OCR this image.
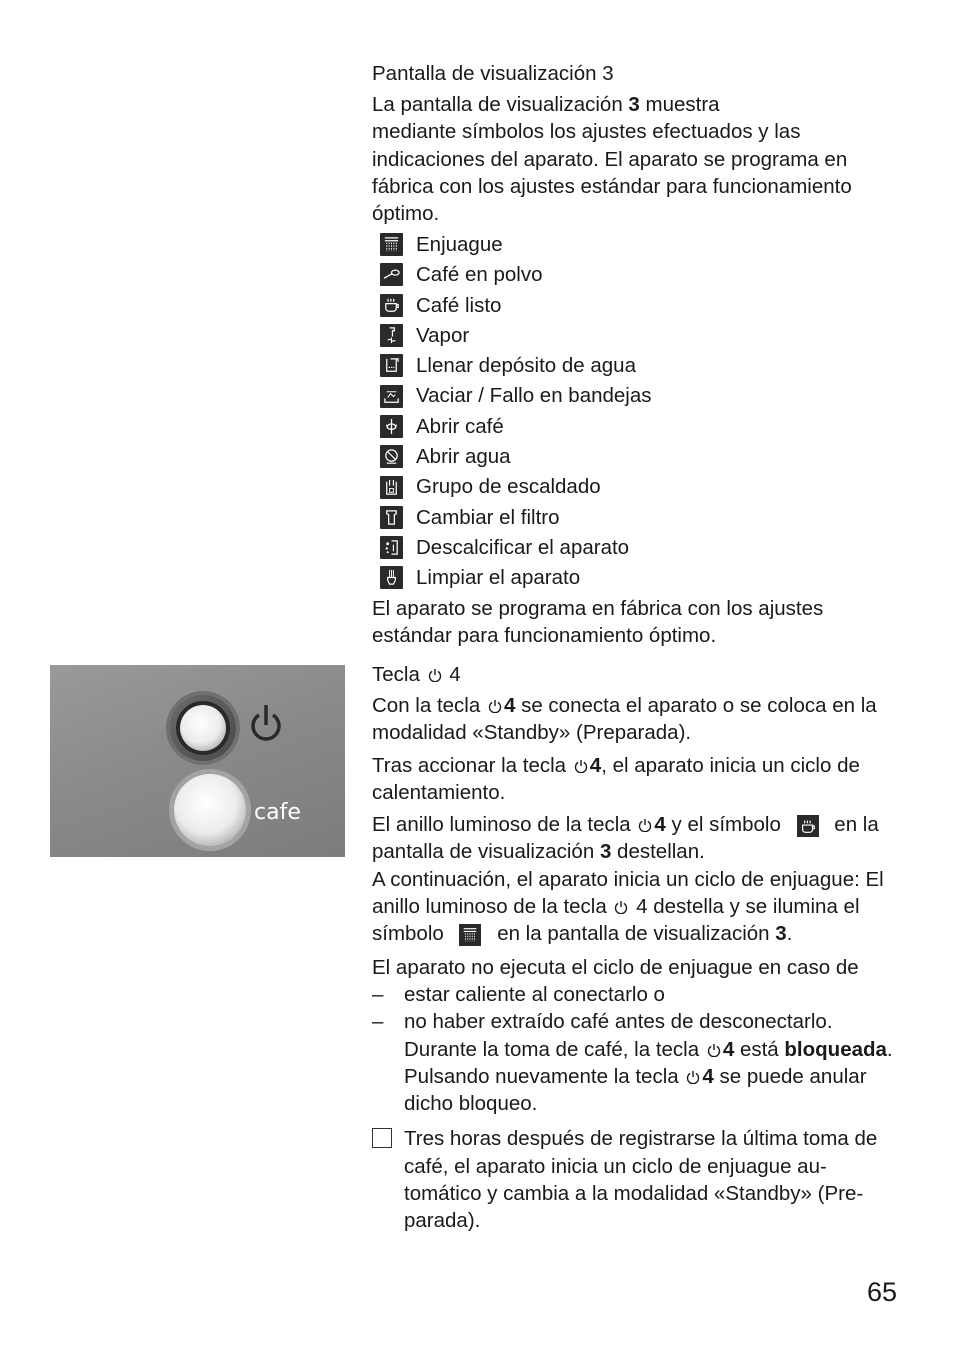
Pantalla de visualización 3

La pantalla de visualización 3 muestra
mediante símbolos los ajustes efectuados y las indicaciones del aparato. El aparato se programa en fábrica con los ajustes estándar para funcionamiento óptimo.

Enjuague
Café en polvo
Café listo
Vapor
Llenar depósito de agua
Vaciar / Fallo en bandejas
Abrir café
Abrir agua
Grupo de escaldado
Cambiar el filtro
Descalcificar el aparato
Limpiar el aparato

El aparato se programa en fábrica con los ajustes estándar para funcionamiento óptimo.

cafe
Tecla 4

Con la tecla 4 se conecta el aparato o se coloca en la modalidad «Standby» (Preparada).

Tras accionar la tecla 4, el aparato inicia un ciclo de calentamiento.

El anillo luminoso de la tecla 4 y el símbolo	en la pantalla de visualización 3 destellan.

A continuación, el aparato inicia un ciclo de enjuague: El anillo luminoso de la tecla 4 destella y se ilumina el símbolo	en la pantalla de visualización 3.

El aparato no ejecuta el ciclo de enjuague en caso de

– estar caliente al conectarlo o
– no haber extraído café antes de desconectarlo. Durante la toma de café, la tecla 4 está bloqueada. Pulsando nuevamente la tecla 4 se puede anular dicho bloqueo.
Tres horas después de registrarse la última toma de café, el aparato inicia un ciclo de enjuague au- tomático y cambia a la modalidad «Standby» (Pre- parada).
65
